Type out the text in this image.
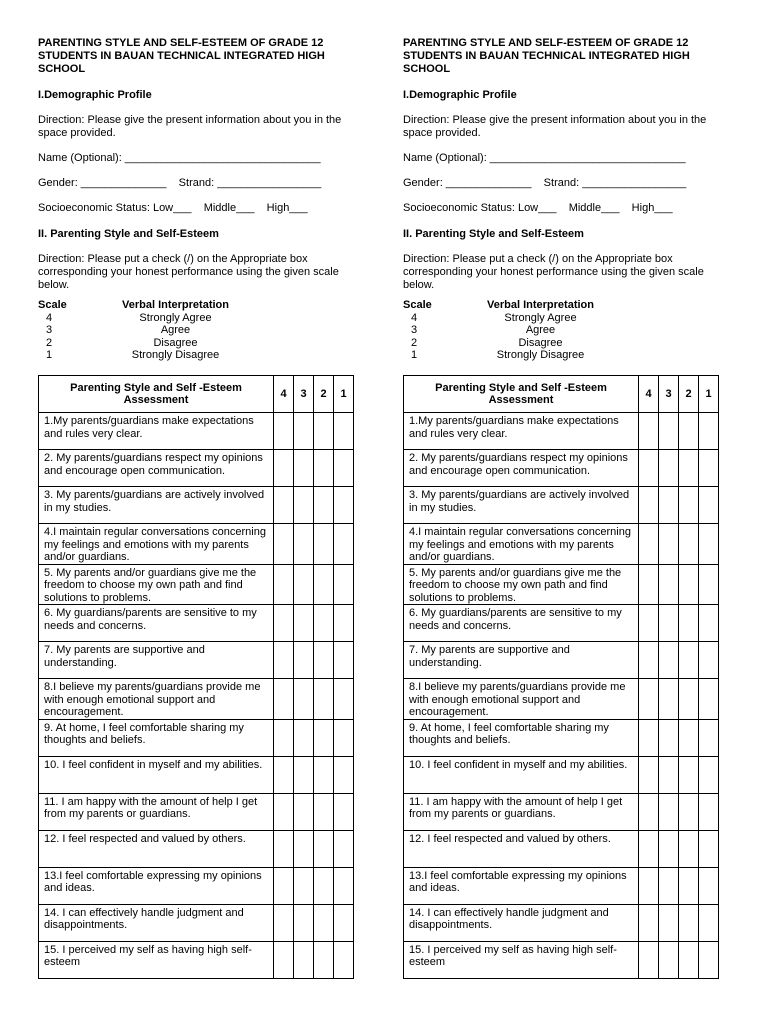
PARENTING STYLE AND SELF-ESTEEM OF GRADE 12 STUDENTS IN BAUAN TECHNICAL INTEGRATED HIGH SCHOOL

I.Demographic Profile
Direction: Please give the present information about you in the space provided.
Name (Optional): ________________________________
Gender: ______________    Strand: _________________
Socioeconomic Status: Low___    Middle___    High___
II. Parenting Style and Self-Esteem
Direction: Please put a check (/) on the Appropriate box corresponding your honest performance using the given scale below.
Scale	Verbal Interpretation
4	Strongly Agree
3	Agree
2	Disagree
1	Strongly Disagree
Parenting Style and Self -Esteem Assessment	4	3	2	1
1.My parents/guardians make expectations and rules very clear.				
2. My parents/guardians respect my opinions and encourage open communication.				
3. My parents/guardians are actively involved in my studies.				
4.I maintain regular conversations concerning my feelings and emotions with my parents and/or guardians.				
5. My parents and/or guardians give me the freedom to choose my own path and find solutions to problems.				
6. My guardians/parents are sensitive to my needs and concerns.				
7. My parents are supportive and understanding.				
8.I believe my parents/guardians provide me with enough emotional support and encouragement.				
9. At home, I feel comfortable sharing my thoughts and beliefs.				
10. I feel confident in myself and my abilities.				
11. I am happy with the amount of help I get from my parents or guardians.				
12. I feel respected and valued by others.				
13.I feel comfortable expressing my opinions and ideas.				
14. I can effectively handle judgment and disappointments.				
15. I perceived my self as having high self-esteem				

PARENTING STYLE AND SELF-ESTEEM OF GRADE 12 STUDENTS IN BAUAN TECHNICAL INTEGRATED HIGH SCHOOL

I.Demographic Profile
Direction: Please give the present information about you in the space provided.
Name (Optional): ________________________________
Gender: ______________    Strand: _________________
Socioeconomic Status: Low___    Middle___    High___
II. Parenting Style and Self-Esteem
Direction: Please put a check (/) on the Appropriate box corresponding your honest performance using the given scale below.
Scale	Verbal Interpretation
4	Strongly Agree
3	Agree
2	Disagree
1	Strongly Disagree
Parenting Style and Self -Esteem Assessment	4	3	2	1
1.My parents/guardians make expectations and rules very clear.				
2. My parents/guardians respect my opinions and encourage open communication.				
3. My parents/guardians are actively involved in my studies.				
4.I maintain regular conversations concerning my feelings and emotions with my parents and/or guardians.				
5. My parents and/or guardians give me the freedom to choose my own path and find solutions to problems.				
6. My guardians/parents are sensitive to my needs and concerns.				
7. My parents are supportive and understanding.				
8.I believe my parents/guardians provide me with enough emotional support and encouragement.				
9. At home, I feel comfortable sharing my thoughts and beliefs.				
10. I feel confident in myself and my abilities.				
11. I am happy with the amount of help I get from my parents or guardians.				
12. I feel respected and valued by others.				
13.I feel comfortable expressing my opinions and ideas.				
14. I can effectively handle judgment and disappointments.				
15. I perceived my self as having high self-esteem				
